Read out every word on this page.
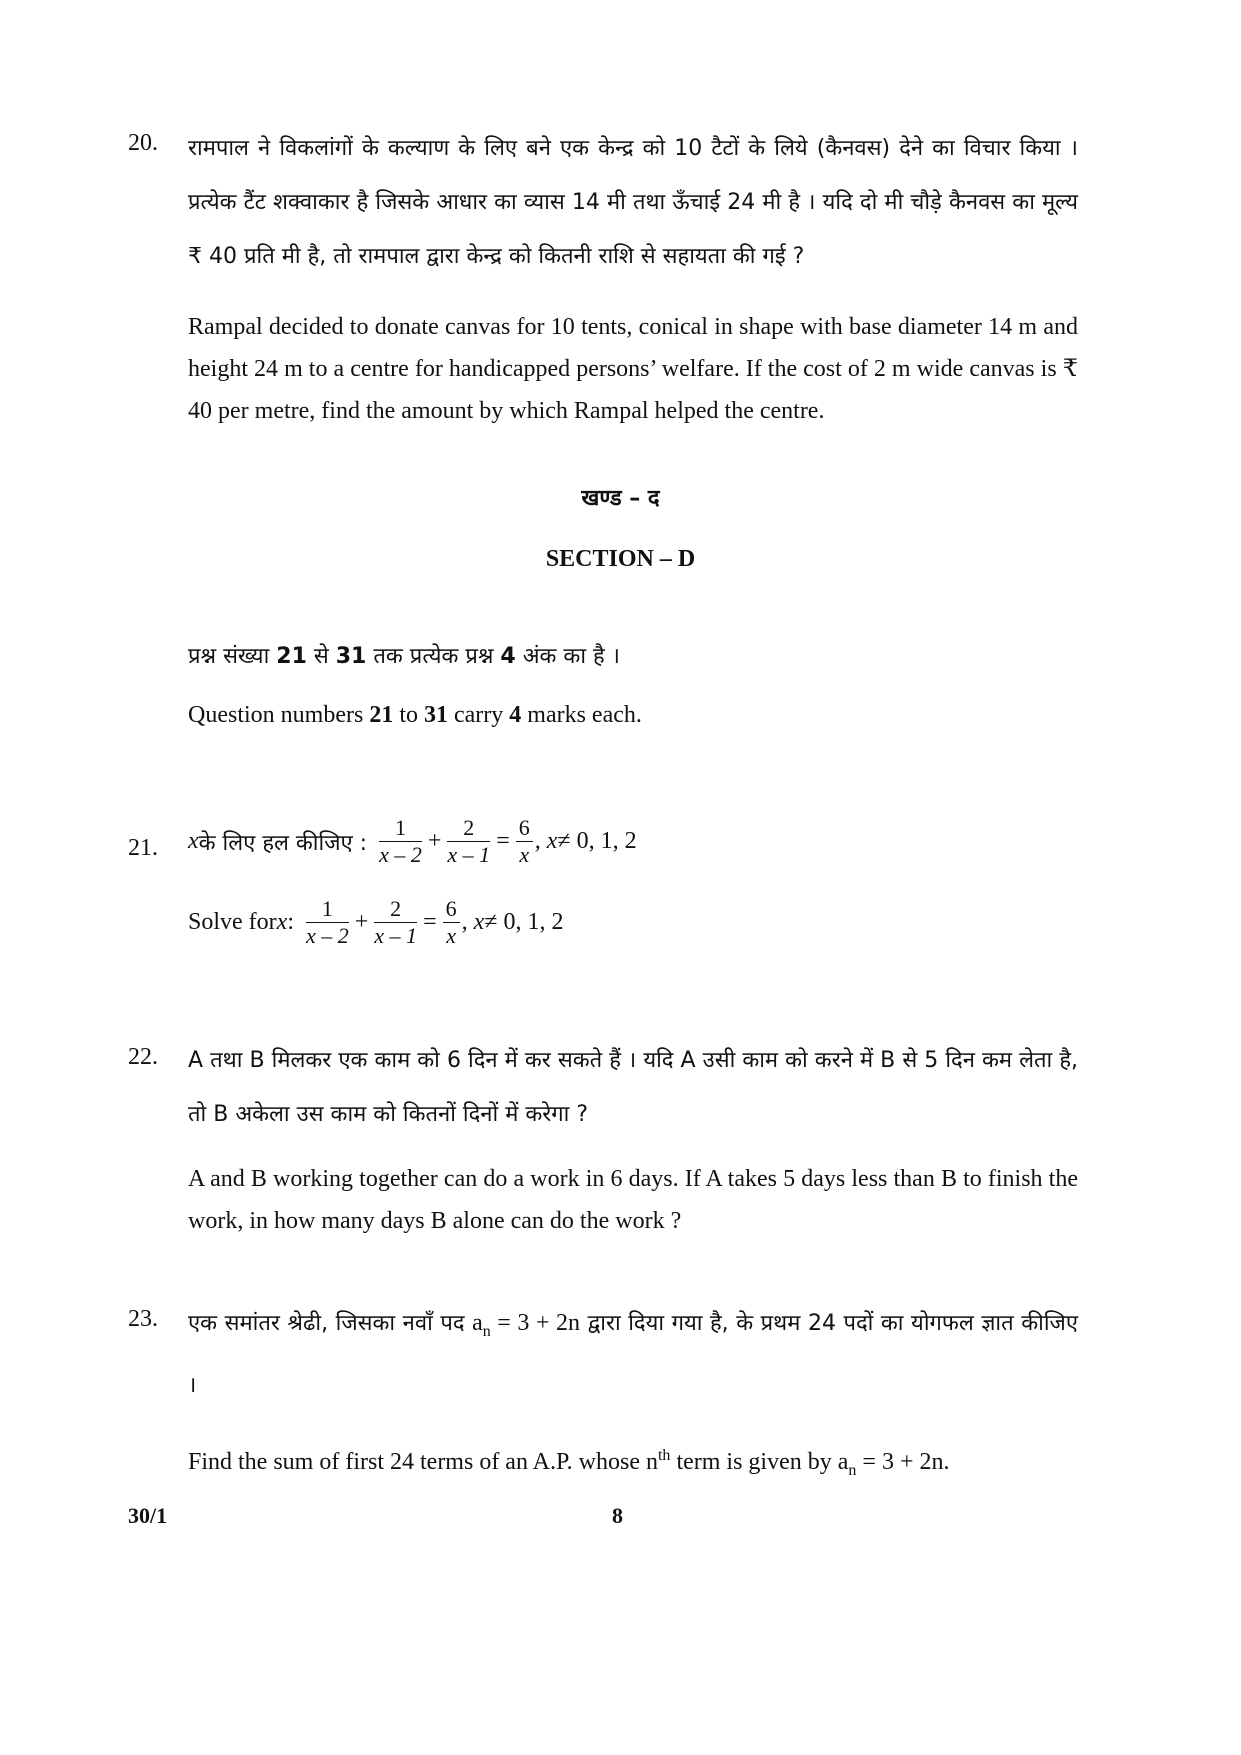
20. रामपाल ने विकलांगों के कल्याण के लिए बने एक केन्द्र को 10 टैटों के लिये (कैनवस) देने का विचार किया । प्रत्येक टैंट शक्वाकार है जिसके आधार का व्यास 14 मी तथा ऊँचाई 24 मी है । यदि दो मी चौड़े कैनवस का मूल्य ₹ 40 प्रति मी है, तो रामपाल द्वारा केन्द्र को कितनी राशि से सहायता की गई ?
Rampal decided to donate canvas for 10 tents, conical in shape with base diameter 14 m and height 24 m to a centre for handicapped persons’ welfare. If the cost of 2 m wide canvas is ₹ 40 per metre, find the amount by which Rampal helped the centre.
खण्ड – द
SECTION – D
प्रश्न संख्या 21 से 31 तक प्रत्येक प्रश्न 4 अंक का है ।
Question numbers 21 to 31 carry 4 marks each.
21. x के लिए हल कीजिए : $\frac{1}{x - 2} + \frac{2}{x - 1} = \frac{6}{x}$ , x ≠ 0, 1, 2
Solve for x : $\frac{1}{x - 2} + \frac{2}{x - 1} = \frac{6}{x}$ , x ≠ 0, 1, 2
22. A तथा B मिलकर एक काम को 6 दिन में कर सकते हैं । यदि A उसी काम को करने में B से 5 दिन कम लेता है, तो B अकेला उस काम को कितनों दिनों में करेगा ?
A and B working together can do a work in 6 days. If A takes 5 days less than B to finish the work, in how many days B alone can do the work ?
23. एक समांतर श्रेढी, जिसका नवाँ पद $a_n = 3 + 2n$ द्वारा दिया गया है, के प्रथम 24 पदों का योगफल ज्ञात कीजिए ।
Find the sum of first 24 terms of an A.P. whose $n^{th}$ term is given by $a_n = 3 + 2n$.
30/1	8
